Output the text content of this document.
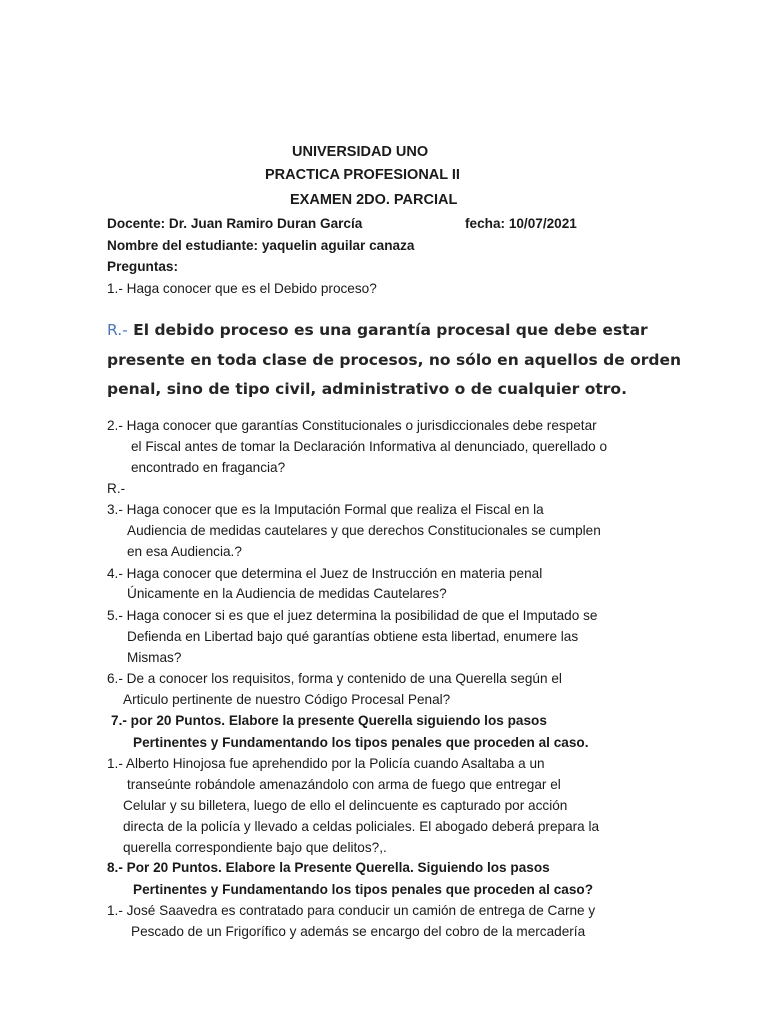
UNIVERSIDAD UNO
PRACTICA PROFESIONAL II
EXAMEN 2DO. PARCIAL
Docente: Dr. Juan Ramiro Duran García	fecha: 10/07/2021
Nombre del estudiante: yaquelin aguilar canaza
Preguntas:
1.- Haga conocer que es el Debido proceso?
R.- El debido proceso es una garantía procesal que debe estar
presente en toda clase de procesos, no sólo en aquellos de orden
penal, sino de tipo civil, administrativo o de cualquier otro.
2.- Haga conocer que garantías Constitucionales o jurisdiccionales debe respetar
el Fiscal antes de tomar la Declaración Informativa al denunciado, querellado o
encontrado en fragancia?
R.-
3.- Haga conocer que es la Imputación Formal que realiza el Fiscal en la
Audiencia de medidas cautelares y que derechos Constitucionales se cumplen
en esa Audiencia.?
4.- Haga conocer que determina el Juez de Instrucción en materia penal
Únicamente en la Audiencia de medidas Cautelares?
5.- Haga conocer si es que el juez determina la posibilidad de que el Imputado se
Defienda en Libertad bajo qué garantías obtiene esta libertad, enumere las
Mismas?
6.- De a conocer los requisitos, forma y contenido de una Querella según el
Articulo pertinente de nuestro Código Procesal Penal?
7.- por 20 Puntos. Elabore la presente Querella siguiendo los pasos
Pertinentes y Fundamentando los tipos penales que proceden al caso.
1.- Alberto Hinojosa fue aprehendido por la Policía cuando Asaltaba a un
transeúnte robándole amenazándolo con arma de fuego que entregar el
Celular y su billetera, luego de ello el delincuente es capturado por acción
directa de la policía y llevado a celdas policiales. El abogado deberá prepara la
querella correspondiente bajo que delitos?,.
8.- Por 20 Puntos. Elabore la Presente Querella. Siguiendo los pasos
Pertinentes y Fundamentando los tipos penales que proceden al caso?
1.- José Saavedra es contratado para conducir un camión de entrega de Carne y
Pescado de un Frigorífico y además se encargo del cobro de la mercadería
